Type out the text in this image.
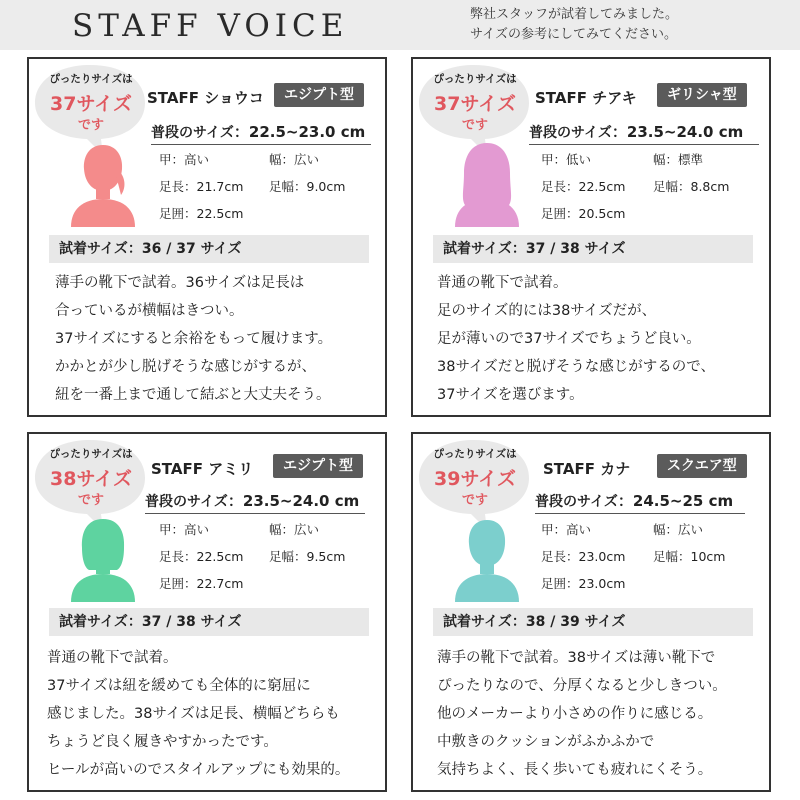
STAFF VOICE	弊社スタッフが試着してみました。
サイズの参考にしてみてください。
ぴったりサイズは
37サイズ
です
STAFF ショウコ	エジプト型
普段のサイズ：22.5~23.0 cm
甲：高い	幅：広い
足長：21.7cm 足幅：9.0cm
足囲：22.5cm
試着サイズ：36 / 37 サイズ
薄手の靴下で試着。36サイズは足長は
合っているが横幅はきつい。
37サイズにすると余裕をもって履けます。
かかとが少し脱げそうな感じがするが、
紐を一番上まで通して結ぶと大丈夫そう。
ぴったりサイズは
37サイズ
です
STAFF チアキ	ギリシャ型
普段のサイズ：23.5~24.0 cm
甲：低い	幅：標準
足長：22.5cm 足幅：8.8cm
足囲：20.5cm
試着サイズ：37 / 38 サイズ
普通の靴下で試着。
足のサイズ的には38サイズだが、
足が薄いので37サイズでちょうど良い。
38サイズだと脱げそうな感じがするので、
37サイズを選びます。
ぴったりサイズは
38サイズ
です
STAFF アミリ	エジプト型
普段のサイズ：23.5~24.0 cm
甲：高い	幅：広い
足長：22.5cm 足幅：9.5cm
足囲：22.7cm
試着サイズ：37 / 38 サイズ
普通の靴下で試着。
37サイズは紐を緩めても全体的に窮屈に
感じました。38サイズは足長、横幅どちらも
ちょうど良く履きやすかったです。
ヒールが高いのでスタイルアップにも効果的。
ぴったりサイズは
39サイズ
です
STAFF カナ	スクエア型
普段のサイズ：24.5~25 cm
甲：高い	幅：広い
足長：23.0cm 足幅：10cm
足囲：23.0cm
試着サイズ：38 / 39 サイズ
薄手の靴下で試着。38サイズは薄い靴下で
ぴったりなので、分厚くなると少しきつい。
他のメーカーより小さめの作りに感じる。
中敷きのクッションがふかふかで
気持ちよく、長く歩いても疲れにくそう。
